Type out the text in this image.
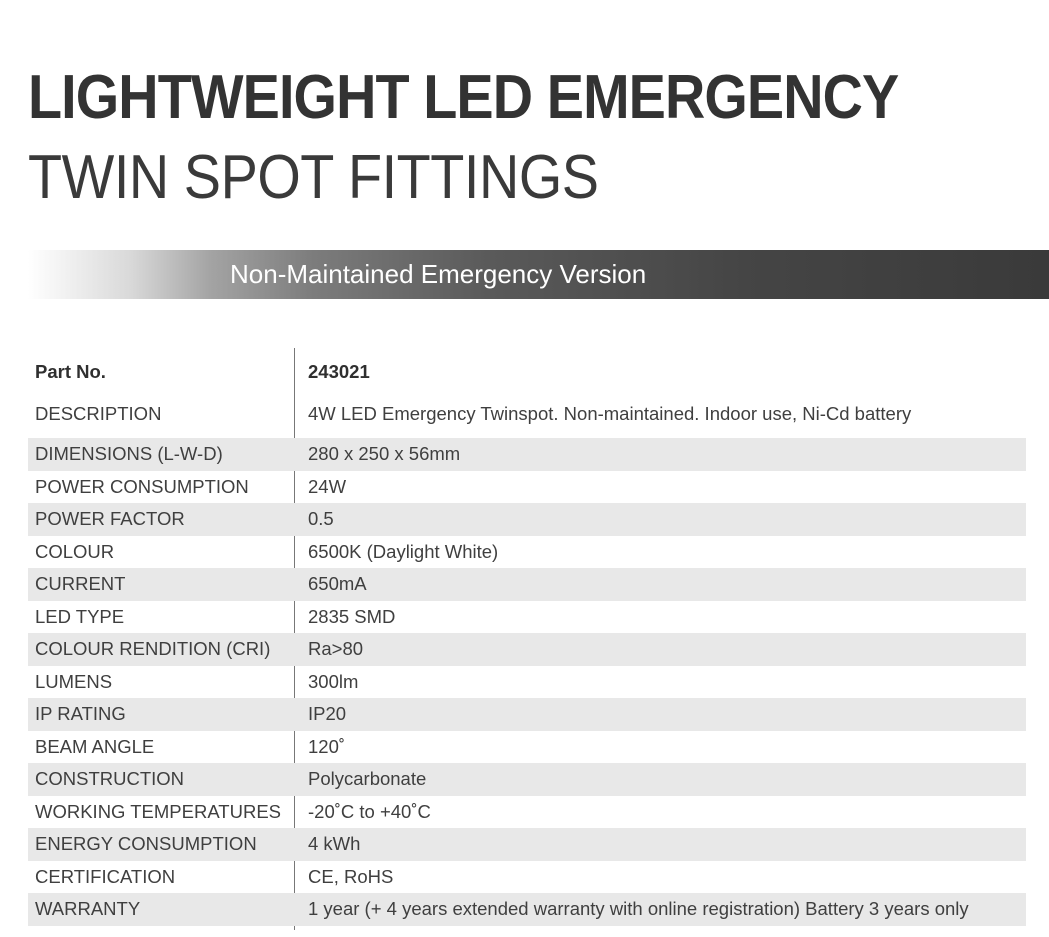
LIGHTWEIGHT LED EMERGENCY
TWIN SPOT FITTINGS
Non-Maintained Emergency Version
Part No.	243021
DESCRIPTION	4W LED Emergency Twinspot. Non-maintained. Indoor use, Ni-Cd battery
DIMENSIONS (L-W-D)	280 x 250 x 56mm
POWER CONSUMPTION	24W
POWER FACTOR	0.5
COLOUR	6500K (Daylight White)
CURRENT	650mA
LED TYPE	2835 SMD
COLOUR RENDITION (CRI)	Ra>80
LUMENS	300lm
IP RATING	IP20
BEAM ANGLE	120˚
CONSTRUCTION	Polycarbonate
WORKING TEMPERATURES	-20˚C to +40˚C
ENERGY CONSUMPTION	4 kWh
CERTIFICATION	CE, RoHS
WARRANTY	1 year (+ 4 years extended warranty with online registration) Battery 3 years only
